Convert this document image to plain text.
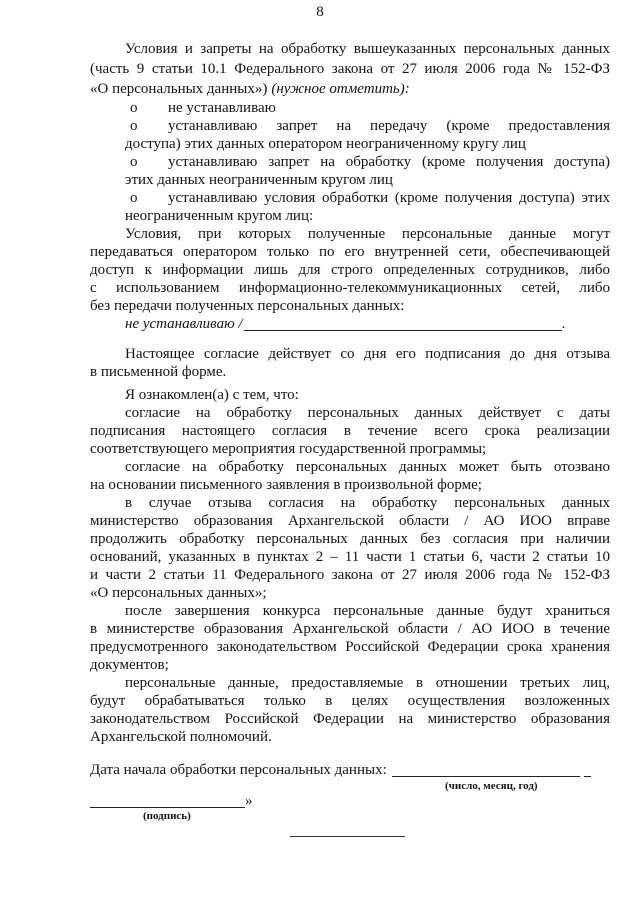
8
Условия и запреты на обработку вышеуказанных персональных данных
(часть 9 статьи 10.1 Федерального закона от 27 июля 2006 года № 152-ФЗ
«О персональных данных») (нужное отметить):
o не устанавливаю
o устанавливаю запрет на передачу (кроме предоставления
доступа) этих данных оператором неограниченному кругу лиц
o устанавливаю запрет на обработку (кроме получения доступа)
этих данных неограниченным кругом лиц
o устанавливаю условия обработки (кроме получения доступа) этих
неограниченным кругом лиц:
Условия, при которых полученные персональные данные могут
передаваться оператором только по его внутренней сети, обеспечивающей
доступ к информации лишь для строго определенных сотрудников, либо
с использованием информационно-телекоммуникационных сетей, либо
без передачи полученных персональных данных:
не устанавливаю /	.
Настоящее согласие действует со дня его подписания до дня отзыва
в письменной форме.
Я ознакомлен(а) с тем, что:
согласие на обработку персональных данных действует с даты
подписания настоящего согласия в течение всего срока реализации
соответствующего мероприятия государственной программы;
согласие на обработку персональных данных может быть отозвано
на основании письменного заявления в произвольной форме;
в случае отзыва согласия на обработку персональных данных
министерство образования Архангельской области / АО ИОО вправе
продолжить обработку персональных данных без согласия при наличии
оснований, указанных в пунктах 2 – 11 части 1 статьи 6, части 2 статьи 10
и части 2 статьи 11 Федерального закона от 27 июля 2006 года № 152-ФЗ
«О персональных данных»;
после завершения конкурса персональные данные будут храниться
в министерстве образования Архангельской области / АО ИОО в течение
предусмотренного законодательством Российской Федерации срока хранения
документов;
персональные данные, предоставляемые в отношении третьих лиц,
будут обрабатываться только в целях осуществления возложенных
законодательством Российской Федерации на министерство образования
Архангельской полномочий.
Дата начала обработки персональных данных:
(число, месяц, год)
»
(подпись)
